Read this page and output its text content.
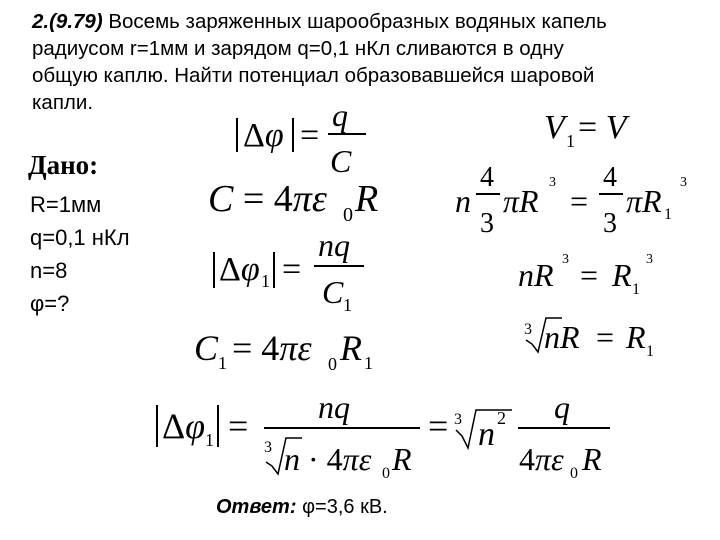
2.(9.79) Восемь заряженных шарообразных водяных капель
радиусом r=1мм и зарядом q=0,1 нКл сливаются в одну
общую каплю. Найти потенциал образовавшейся шаровой
капли.
Дано:
R=1мм
q=0,1 нКл
n=8
φ=?
Ответ: φ=3,6 кВ.
Δφ =
q
C
C = 4πε 0 R
Δφ 1 =
nq
C 1
C 1 = 4πε 0 R 1
Δφ 1 = nq
3 n · 4πε 0 R
= 3 n 2 q
4πε 0 R
V 1 = V
n
4
3
πR
3
=
4
3
πR 1
3
nR 3 = R 1
3
3 nR = R 1
